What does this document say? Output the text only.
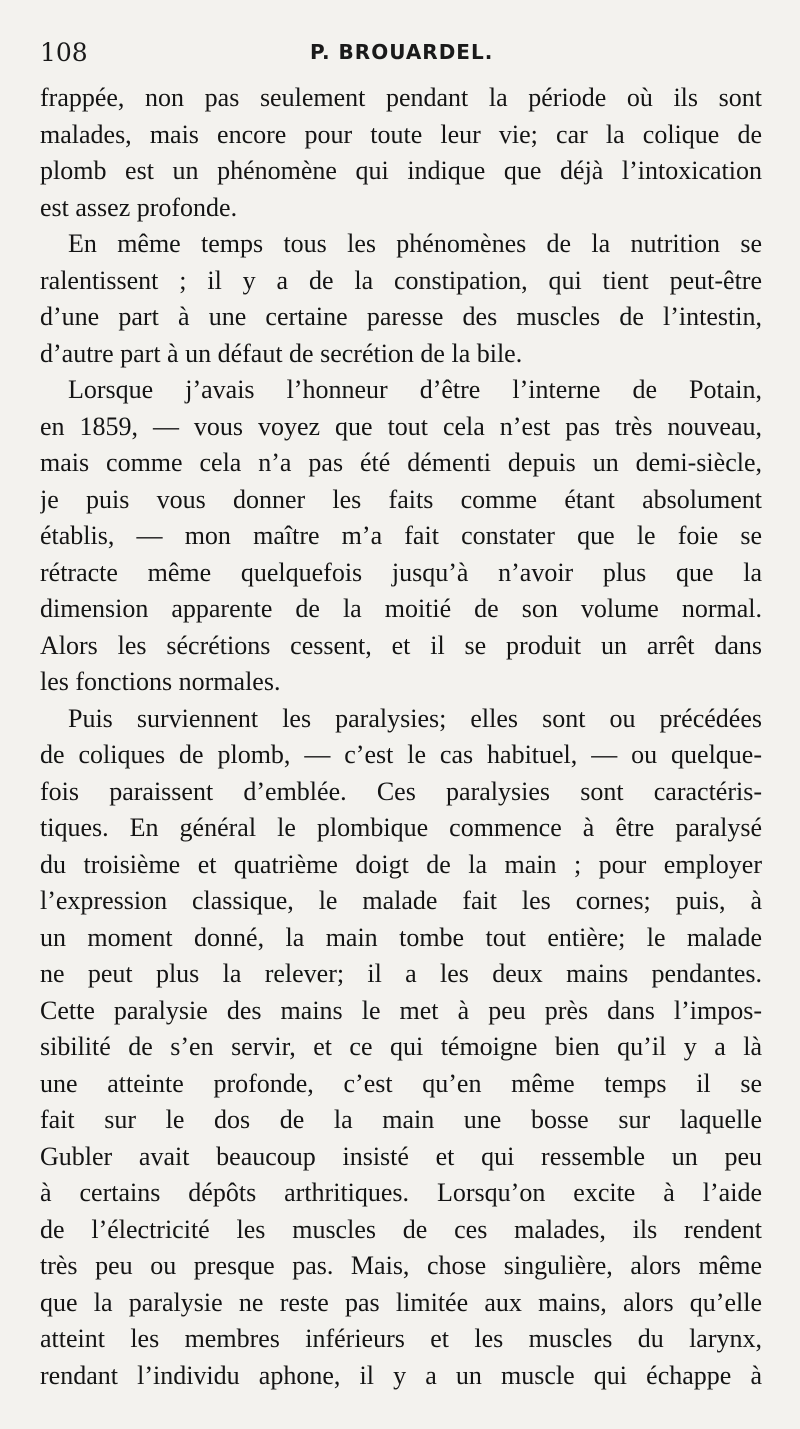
108	P. BROUARDEL.
frappée, non pas seulement pendant la période où ils sont
malades, mais encore pour toute leur vie; car la colique de
plomb est un phénomène qui indique que déjà l’intoxication
est assez profonde.
En même temps tous les phénomènes de la nutrition se
ralentissent ; il y a de la constipation, qui tient peut-être
d’une part à une certaine paresse des muscles de l’intestin,
d’autre part à un défaut de secrétion de la bile.
Lorsque j’avais l’honneur d’être l’interne de Potain,
en 1859, — vous voyez que tout cela n’est pas très nouveau,
mais comme cela n’a pas été démenti depuis un demi-siècle,
je puis vous donner les faits comme étant absolument
établis, — mon maître m’a fait constater que le foie se
rétracte même quelquefois jusqu’à n’avoir plus que la
dimension apparente de la moitié de son volume normal.
Alors les sécrétions cessent, et il se produit un arrêt dans
les fonctions normales.
Puis surviennent les paralysies; elles sont ou précédées
de coliques de plomb, — c’est le cas habituel, — ou quelque-
fois paraissent d’emblée. Ces paralysies sont caractéris-
tiques. En général le plombique commence à être paralysé
du troisième et quatrième doigt de la main ; pour employer
l’expression classique, le malade fait les cornes; puis, à
un moment donné, la main tombe tout entière; le malade
ne peut plus la relever; il a les deux mains pendantes.
Cette paralysie des mains le met à peu près dans l’impos-
sibilité de s’en servir, et ce qui témoigne bien qu’il y a là
une atteinte profonde, c’est qu’en même temps il se
fait sur le dos de la main une bosse sur laquelle
Gubler avait beaucoup insisté et qui ressemble un peu
à certains dépôts arthritiques. Lorsqu’on excite à l’aide
de l’électricité les muscles de ces malades, ils rendent
très peu ou presque pas. Mais, chose singulière, alors même
que la paralysie ne reste pas limitée aux mains, alors qu’elle
atteint les membres inférieurs et les muscles du larynx,
rendant l’individu aphone, il y a un muscle qui échappe à
